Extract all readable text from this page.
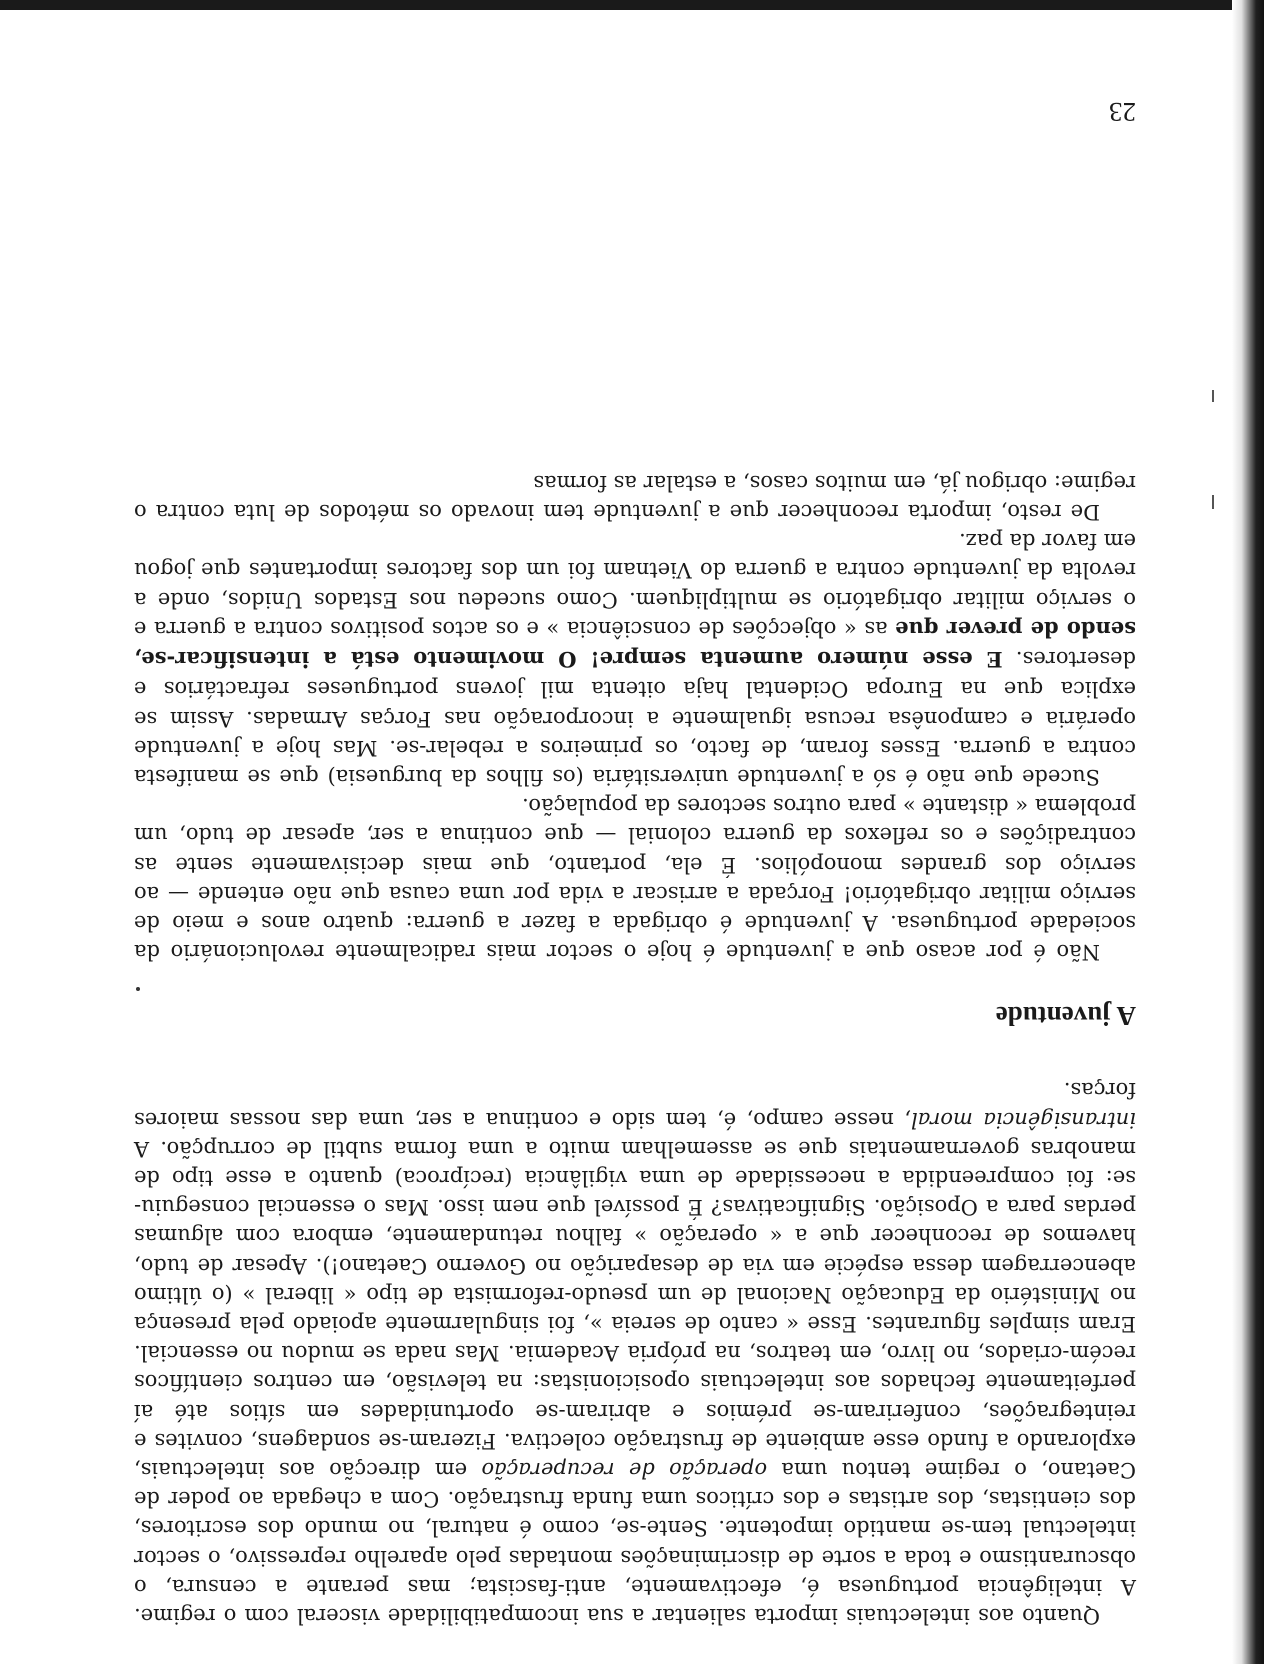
Quanto aos intelectuais importa salientar a sua incompatibilidade visceral com o regime. A inteligência portuguesa é, efectivamente, anti-fascista; mas perante a censura, o obscurantismo e toda a sorte de discriminações montadas pelo aparelho repressivo, o sector intelectual tem-se mantido impotente. Sente-se, como é natural, no mundo dos escritores, dos cientistas, dos artistas e dos críticos uma funda frustração. Com a chegada ao poder de Caetano, o regime tentou uma operação de recuperação em direcção aos intelectuais, explorando a fundo esse ambiente de frustração colectiva. Fizeram-se sondagens, convites e reintegrações, conferiram-se prémios e abriram-se oportunidades em sítios até aí perfeitamente fechados aos intelectuais oposicionistas: na televisão, em centros científicos recém-criados, no livro, em teatros, na própria Academia. Mas nada se mudou no essencial. Eram simples figurantes. Esse « canto de sereia », foi singularmente apoiado pela presença no Ministério da Educação Nacional de um pseudo-reformista de tipo « liberal » (o último abencerragem dessa espécie em via de desaparição no Governo Caetano!). Apesar de tudo, havemos de reconhecer que a « operação » falhou retundamente, embora com algumas perdas para a Oposição. Significativas? É possível que nem isso. Mas o essencial conseguiu-se: foi compreendida a necessidade de uma vigilância (recíproca) quanto a esse tipo de manobras governamentais que se assemelham muito a uma forma subtil de corrupção. A intransigência moral, nesse campo, é, tem sido e continua a ser, uma das nossas maiores forças.

A juventude

Não é por acaso que a juventude é hoje o sector mais radicalmente revolucionário da sociedade portuguesa. A juventude é obrigada a fazer a guerra: quatro anos e meio de serviço militar obrigatório! Forçada a arriscar a vida por uma causa que não entende — ao serviço dos grandes monopólios. É ela, portanto, que mais decisivamente sente as contradições e os reflexos da guerra colonial — que continua a ser, apesar de tudo, um problema « distante » para outros sectores da população.

Sucede que não é só a juventude universitária (os filhos da burguesia) que se manifesta contra a guerra. Esses foram, de facto, os primeiros a rebelar-se. Mas hoje a juventude operária e camponêsa recusa igualmente a incorporação nas Forças Armadas. Assim se explica que na Europa Ocidental haja oitenta mil jovens portugueses refractários e desertores. E esse número aumenta sempre! O movimento está a intensificar-se, sendo de prever que as « objecções de consciência » e os actos positivos contra a guerra e o serviço militar obrigatório se multipliquem. Como sucedeu nos Estados Unidos, onde a revolta da juventude contra a guerra do Vietnam foi um dos factores importantes que jogou em favor da paz.

De resto, importa reconhecer que a juventude tem inovado os métodos de luta contra o regime: obrigou já, em muitos casos, a estalar as formas

23
